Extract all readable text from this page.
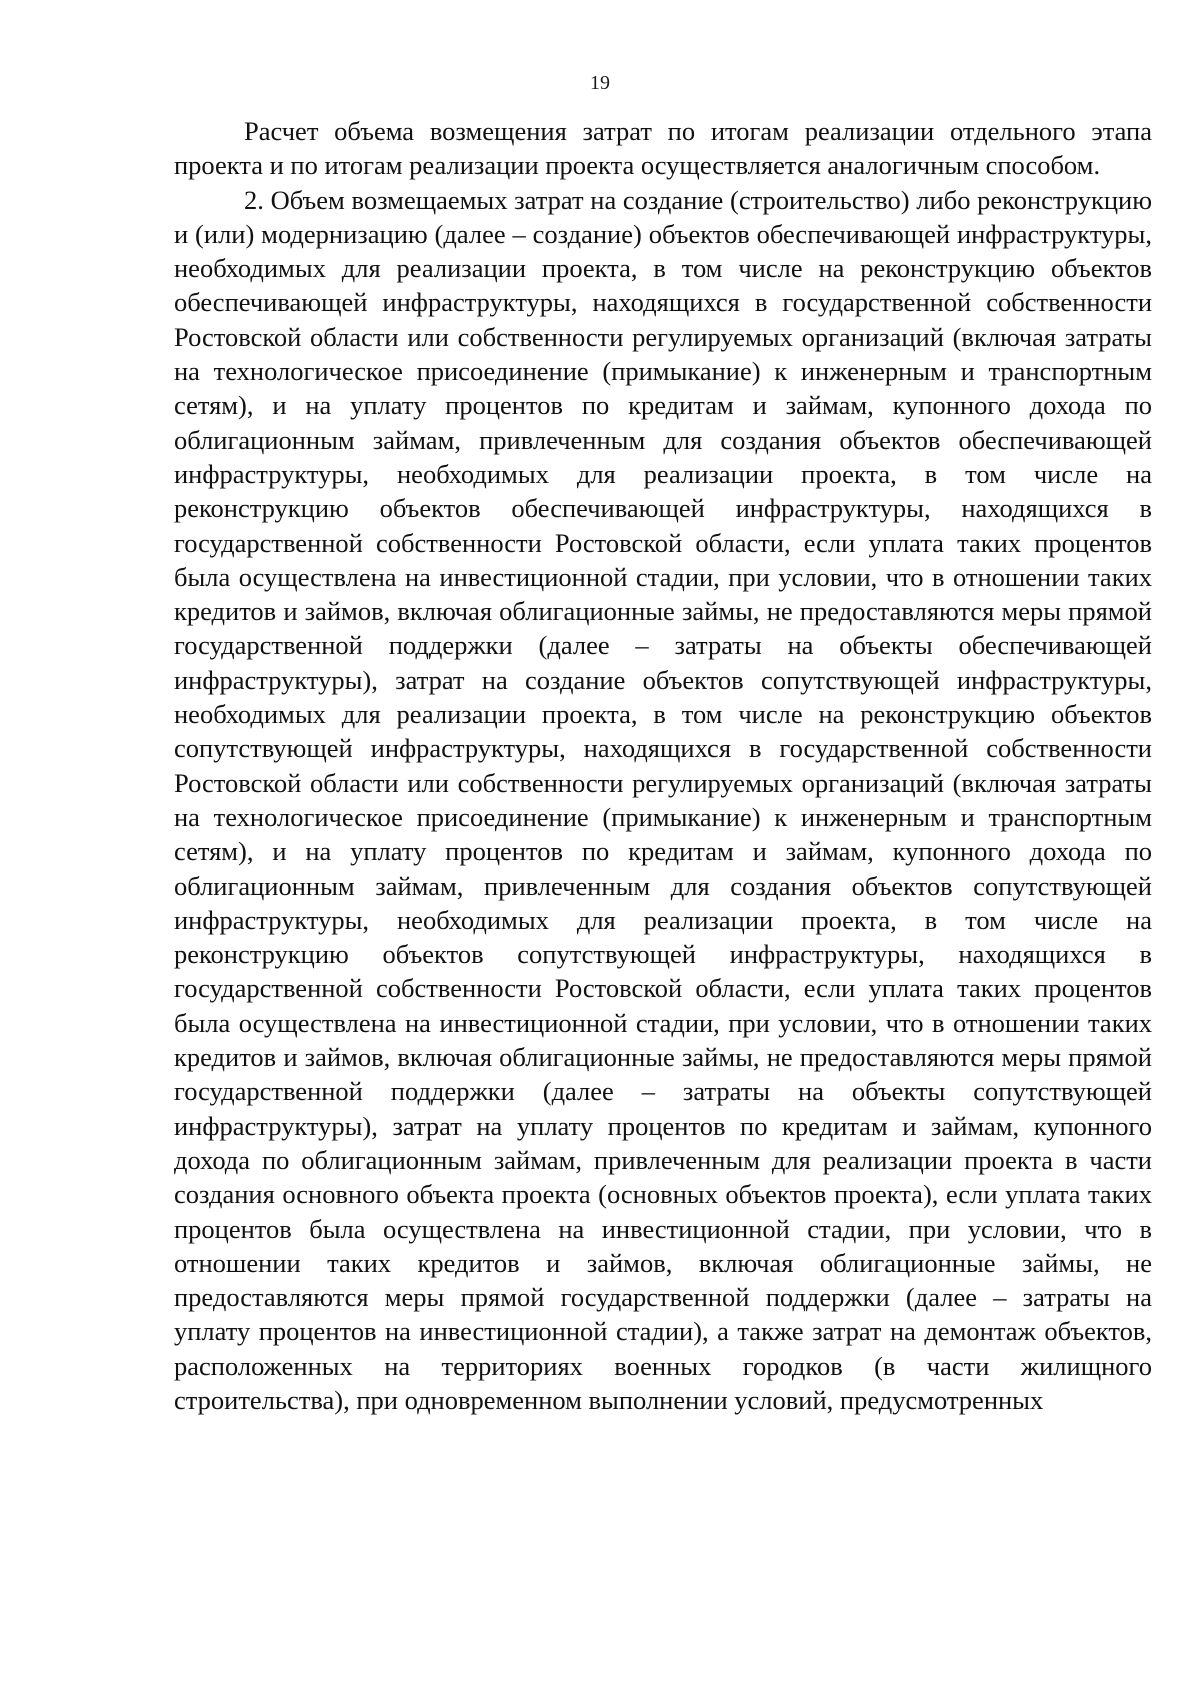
19

Расчет объема возмещения затрат по итогам реализации отдельного этапа проекта и по итогам реализации проекта осуществляется аналогичным способом.

2. Объем возмещаемых затрат на создание (строительство) либо реконструкцию и (или) модернизацию (далее – создание) объектов обеспечивающей инфраструктуры, необходимых для реализации проекта, в том числе на реконструкцию объектов обеспечивающей инфраструктуры, находящихся в государственной собственности Ростовской области или собственности регулируемых организаций (включая затраты на технологическое присоединение (примыкание) к инженерным и транспортным сетям), и на уплату процентов по кредитам и займам, купонного дохода по облигационным займам, привлеченным для создания объектов обеспечивающей инфраструктуры, необходимых для реализации проекта, в том числе на реконструкцию объектов обеспечивающей инфраструктуры, находящихся в государственной собственности Ростовской области, если уплата таких процентов была осуществлена на инвестиционной стадии, при условии, что в отношении таких кредитов и займов, включая облигационные займы, не предоставляются меры прямой государственной поддержки (далее – затраты на объекты обеспечивающей инфраструктуры), затрат на создание объектов сопутствующей инфраструктуры, необходимых для реализации проекта, в том числе на реконструкцию объектов сопутствующей инфраструктуры, находящихся в государственной собственности Ростовской области или собственности регулируемых организаций (включая затраты на технологическое присоединение (примыкание) к инженерным и транспортным сетям), и на уплату процентов по кредитам и займам, купонного дохода по облигационным займам, привлеченным для создания объектов сопутствующей инфраструктуры, необходимых для реализации проекта, в том числе на реконструкцию объектов сопутствующей инфраструктуры, находящихся в государственной собственности Ростовской области, если уплата таких процентов была осуществлена на инвестиционной стадии, при условии, что в отношении таких кредитов и займов, включая облигационные займы, не предоставляются меры прямой государственной поддержки (далее – затраты на объекты сопутствующей инфраструктуры), затрат на уплату процентов по кредитам и займам, купонного дохода по облигационным займам, привлеченным для реализации проекта в части создания основного объекта проекта (основных объектов проекта), если уплата таких процентов была осуществлена на инвестиционной стадии, при условии, что в отношении таких кредитов и займов, включая облигационные займы, не предоставляются меры прямой государственной поддержки (далее – затраты на уплату процентов на инвестиционной стадии), а также затрат на демонтаж объектов, расположенных на территориях военных городков (в части жилищного строительства), при одновременном выполнении условий, предусмотренных
